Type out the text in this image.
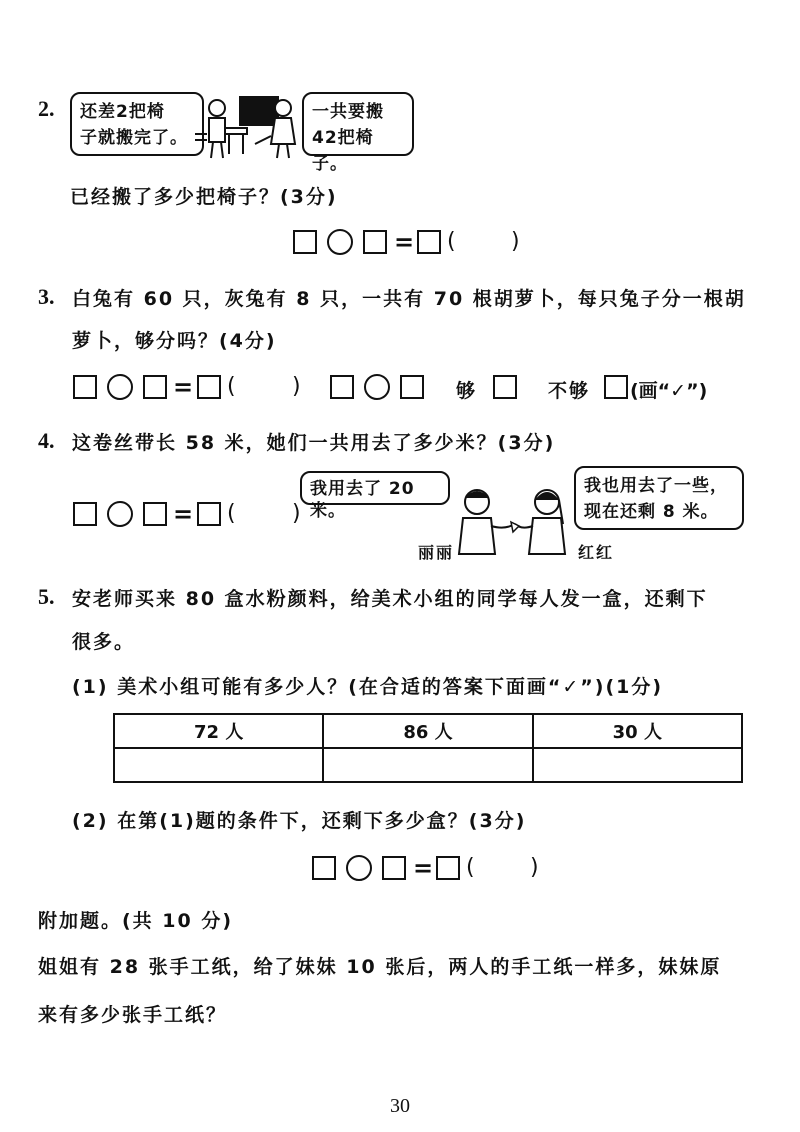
2. 还差2把椅
子就搬完了。
一共要搬
42把椅子。
已经搬了多少把椅子？(3分)
= (	)
3. 白兔有 60 只，灰兔有 8 只，一共有 70 根胡萝卜，每只兔子分一根胡
萝卜，够分吗？(4分)
= (	)	够	不够 (画“✓”)
4. 这卷丝带长 58 米，她们一共用去了多少米？(3分)
= (	)
我用去了 20 米。
我也用去了一些，
现在还剩 8 米。
丽丽	红红
5. 安老师买来 80 盒水粉颜料，给美术小组的同学每人发一盒，还剩下
很多。
(1) 美术小组可能有多少人？(在合适的答案下面画“✓”)(1分)
72 人	86 人	30 人

(2) 在第(1)题的条件下，还剩下多少盒？(3分)
= (	)
附加题。(共 10 分)
姐姐有 28 张手工纸，给了妹妹 10 张后，两人的手工纸一样多，妹妹原
来有多少张手工纸？
30
